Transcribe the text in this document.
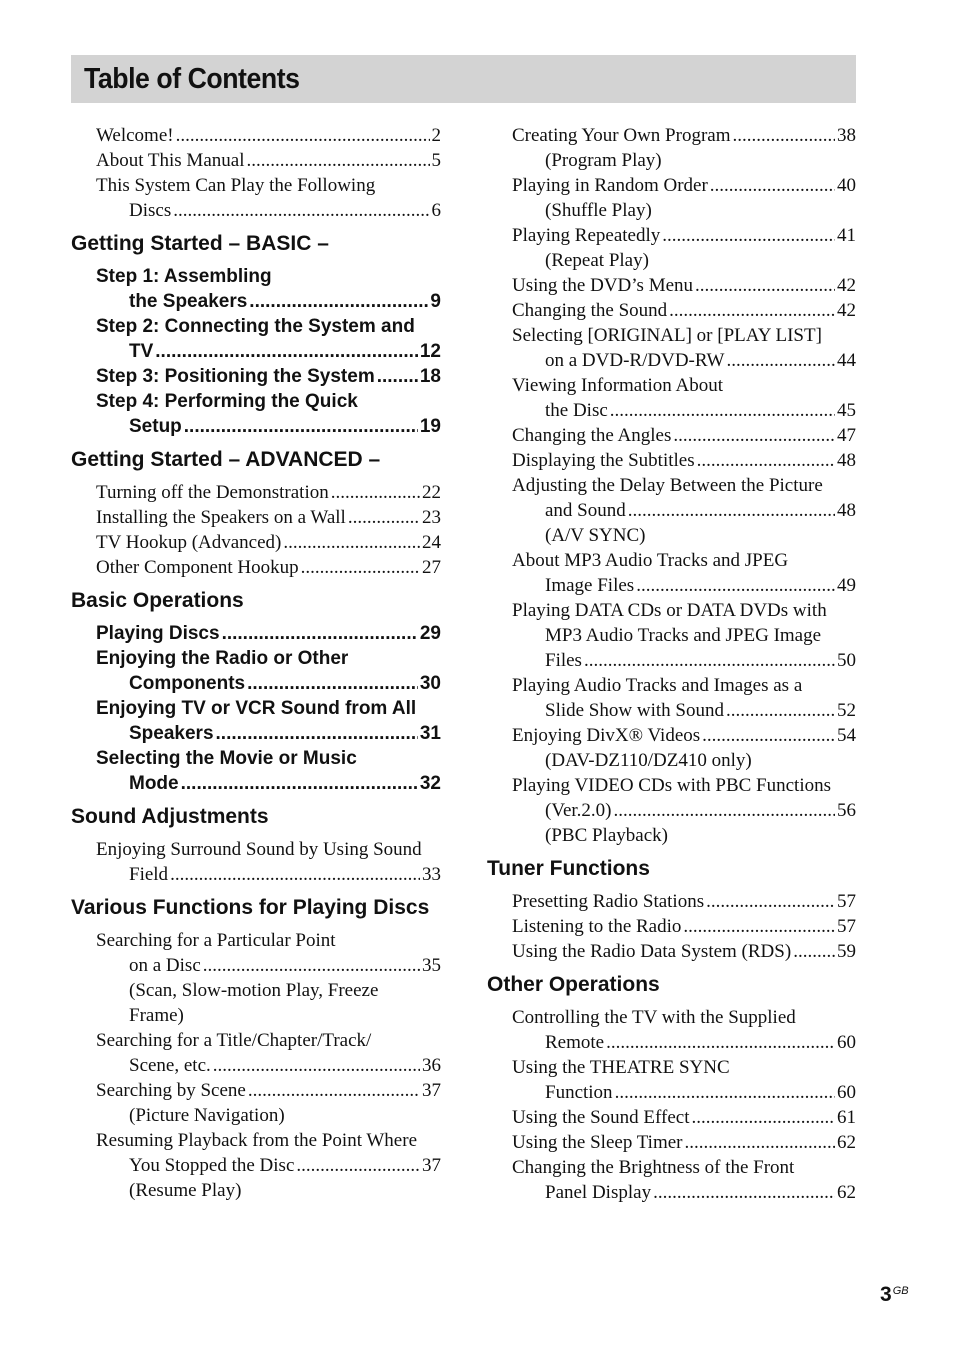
Table of Contents
Welcome! .....	2
About This Manual .....	5
This System Can Play the Following
Discs .....	6
Getting Started – BASIC –
Step 1: Assembling
the Speakers .....	9
Step 2: Connecting the System and
TV .....	12
Step 3: Positioning the System ..... 18
Step 4: Performing the Quick
Setup .....	19
Getting Started – ADVANCED –
Turning off the Demonstration .....	22
Installing the Speakers on a Wall .....	23
TV Hookup (Advanced) .....	24
Other Component Hookup .....	27
Basic Operations
Playing Discs .....	29
Enjoying the Radio or Other
Components .....	30
Enjoying TV or VCR Sound from All
Speakers .....	31
Selecting the Movie or Music
Mode .....	32
Sound Adjustments
Enjoying Surround Sound by Using Sound
Field .....	33
Various Functions for Playing Discs
Searching for a Particular Point
on a Disc .....	35
(Scan, Slow-motion Play, Freeze
Frame)
Searching for a Title/Chapter/Track/
Scene, etc. .....	36
Searching by Scene .....	37
(Picture Navigation)
Resuming Playback from the Point Where
You Stopped the Disc .....	37
(Resume Play)
Creating Your Own Program .....	38
(Program Play)
Playing in Random Order .....	40
(Shuffle Play)
Playing Repeatedly .....	41
(Repeat Play)
Using the DVD’s Menu .....	42
Changing the Sound .....	42
Selecting [ORIGINAL] or [PLAY LIST]
on a DVD-R/DVD-RW .....	44
Viewing Information About
the Disc .....	45
Changing the Angles .....	47
Displaying the Subtitles .....	48
Adjusting the Delay Between the Picture
and Sound .....	48
(A/V SYNC)
About MP3 Audio Tracks and JPEG
Image Files .....	49
Playing DATA CDs or DATA DVDs with
MP3 Audio Tracks and JPEG Image
Files .....	50
Playing Audio Tracks and Images as a
Slide Show with Sound .....	52
Enjoying DivX® Videos .....	54
(DAV-DZ110/DZ410 only)
Playing VIDEO CDs with PBC Functions
(Ver.2.0) .....	56
(PBC Playback)
Tuner Functions
Presetting Radio Stations .....	57
Listening to the Radio .....	57
Using the Radio Data System (RDS) ..... 59
Other Operations
Controlling the TV with the Supplied
Remote .....	60
Using the THEATRE SYNC
Function .....	60
Using the Sound Effect .....	61
Using the Sleep Timer .....	62
Changing the Brightness of the Front
Panel Display .....	62
$3^{GB}$
